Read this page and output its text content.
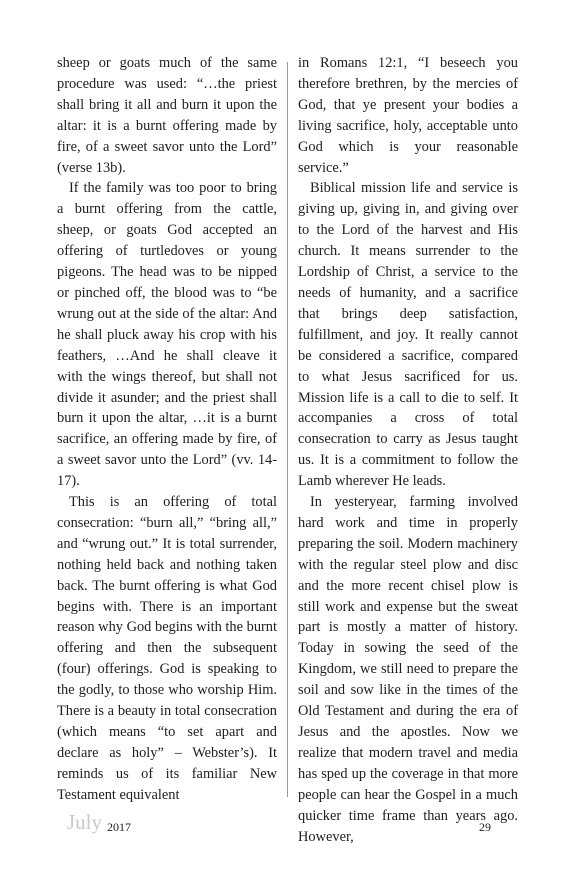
sheep or goats much of the same procedure was used: “…the priest shall bring it all and burn it upon the altar: it is a burnt offering made by fire, of a sweet savor unto the Lord” (verse 13b).

If the family was too poor to bring a burnt offering from the cattle, sheep, or goats God accepted an offering of turtledoves or young pigeons. The head was to be nipped or pinched off, the blood was to “be wrung out at the side of the altar: And he shall pluck away his crop with his feathers, …And he shall cleave it with the wings thereof, but shall not divide it asunder; and the priest shall burn it upon the altar, …it is a burnt sacrifice, an offering made by fire, of a sweet savor unto the Lord” (vv. 14-17).

This is an offering of total consecration: “burn all,” “bring all,” and “wrung out.” It is total surrender, nothing held back and nothing taken back. The burnt offering is what God begins with. There is an important reason why God begins with the burnt offering and then the subsequent (four) offerings. God is speaking to the godly, to those who worship Him. There is a beauty in total consecration (which means “to set apart and declare as holy” – Webster’s). It reminds us of its familiar New Testament equivalent

in Romans 12:1, “I beseech you therefore brethren, by the mercies of God, that ye present your bodies a living sacrifice, holy, acceptable unto God which is your reasonable service.”

Biblical mission life and service is giving up, giving in, and giving over to the Lord of the harvest and His church. It means surrender to the Lordship of Christ, a service to the needs of humanity, and a sacrifice that brings deep satisfaction, fulfillment, and joy. It really cannot be considered a sacrifice, compared to what Jesus sacrificed for us. Mission life is a call to die to self. It accompanies a cross of total consecration to carry as Jesus taught us. It is a commitment to follow the Lamb wherever He leads.

In yesteryear, farming involved hard work and time in properly preparing the soil. Modern machinery with the regular steel plow and disc and the more recent chisel plow is still work and expense but the sweat part is mostly a matter of history. Today in sowing the seed of the Kingdom, we still need to prepare the soil and sow like in the times of the Old Testament and during the era of Jesus and the apostles. Now we realize that modern travel and media has sped up the coverage in that more people can hear the Gospel in a much quicker time frame than years ago. However,

July 2017	29
